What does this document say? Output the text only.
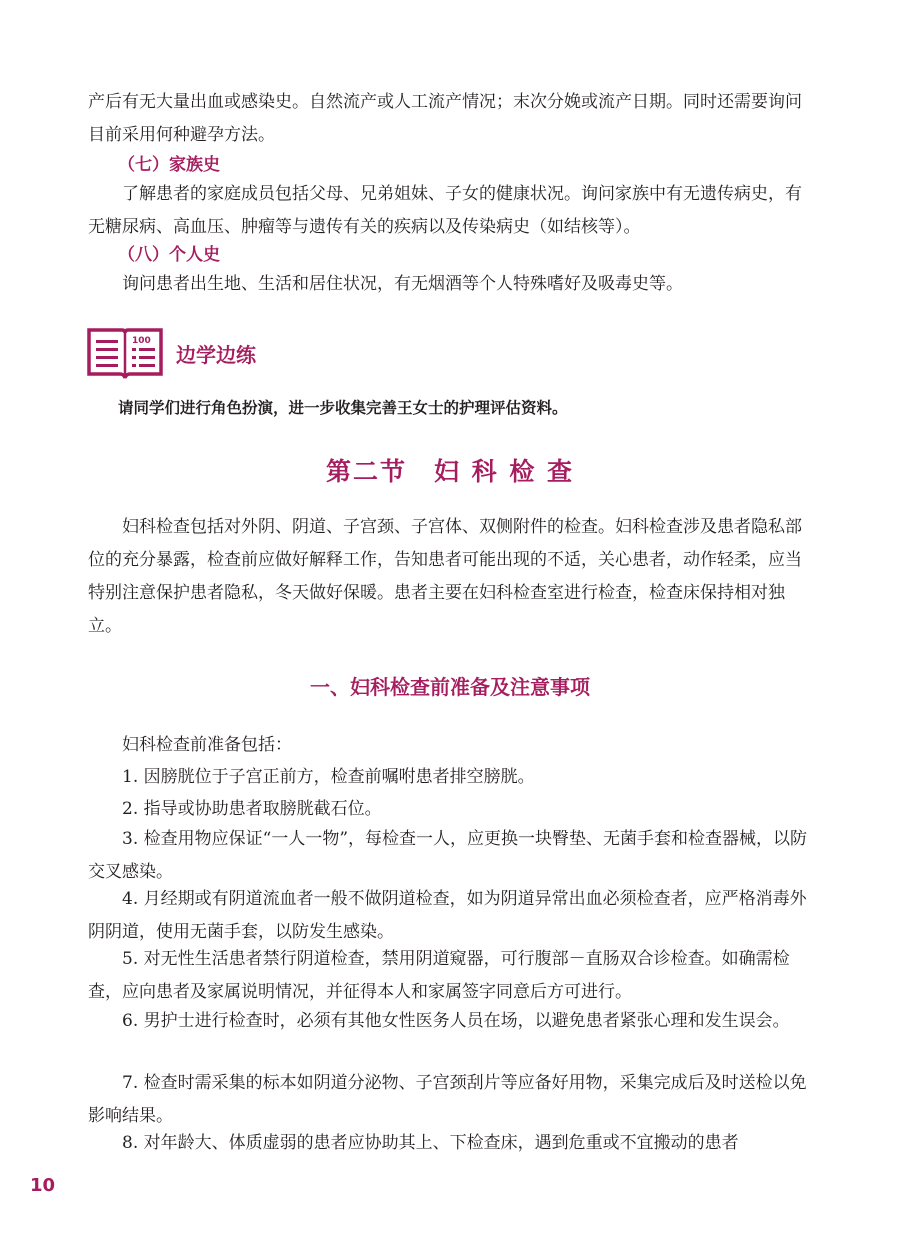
产后有无大量出血或感染史。自然流产或人工流产情况；末次分娩或流产日期。同时还需要询问目前采用何种避孕方法。

（七）家族史

了解患者的家庭成员包括父母、兄弟姐妹、子女的健康状况。询问家族中有无遗传病史，有无糖尿病、高血压、肿瘤等与遗传有关的疾病以及传染病史（如结核等）。

（八）个人史

询问患者出生地、生活和居住状况，有无烟酒等个人特殊嗜好及吸毒史等。

100

边学边练

请同学们进行角色扮演，进一步收集完善王女士的护理评估资料。

第二节　妇 科 检 查

妇科检查包括对外阴、阴道、子宫颈、子宫体、双侧附件的检查。妇科检查涉及患者隐私部位的充分暴露，检查前应做好解释工作，告知患者可能出现的不适，关心患者，动作轻柔，应当特别注意保护患者隐私，冬天做好保暖。患者主要在妇科检查室进行检查，检查床保持相对独立。

一、妇科检查前准备及注意事项

妇科检查前准备包括：

1. 因膀胱位于子宫正前方，检查前嘱咐患者排空膀胱。

2. 指导或协助患者取膀胱截石位。

3. 检查用物应保证“一人一物”，每检查一人，应更换一块臀垫、无菌手套和检查器械，以防交叉感染。

4. 月经期或有阴道流血者一般不做阴道检查，如为阴道异常出血必须检查者，应严格消毒外阴阴道，使用无菌手套，以防发生感染。

5. 对无性生活患者禁行阴道检查，禁用阴道窥器，可行腹部－直肠双合诊检查。如确需检查，应向患者及家属说明情况，并征得本人和家属签字同意后方可进行。

6. 男护士进行检查时，必须有其他女性医务人员在场，以避免患者紧张心理和发生误会。

7. 检查时需采集的标本如阴道分泌物、子宫颈刮片等应备好用物，采集完成后及时送检以免影响结果。

8. 对年龄大、体质虚弱的患者应协助其上、下检查床，遇到危重或不宜搬动的患者

10
